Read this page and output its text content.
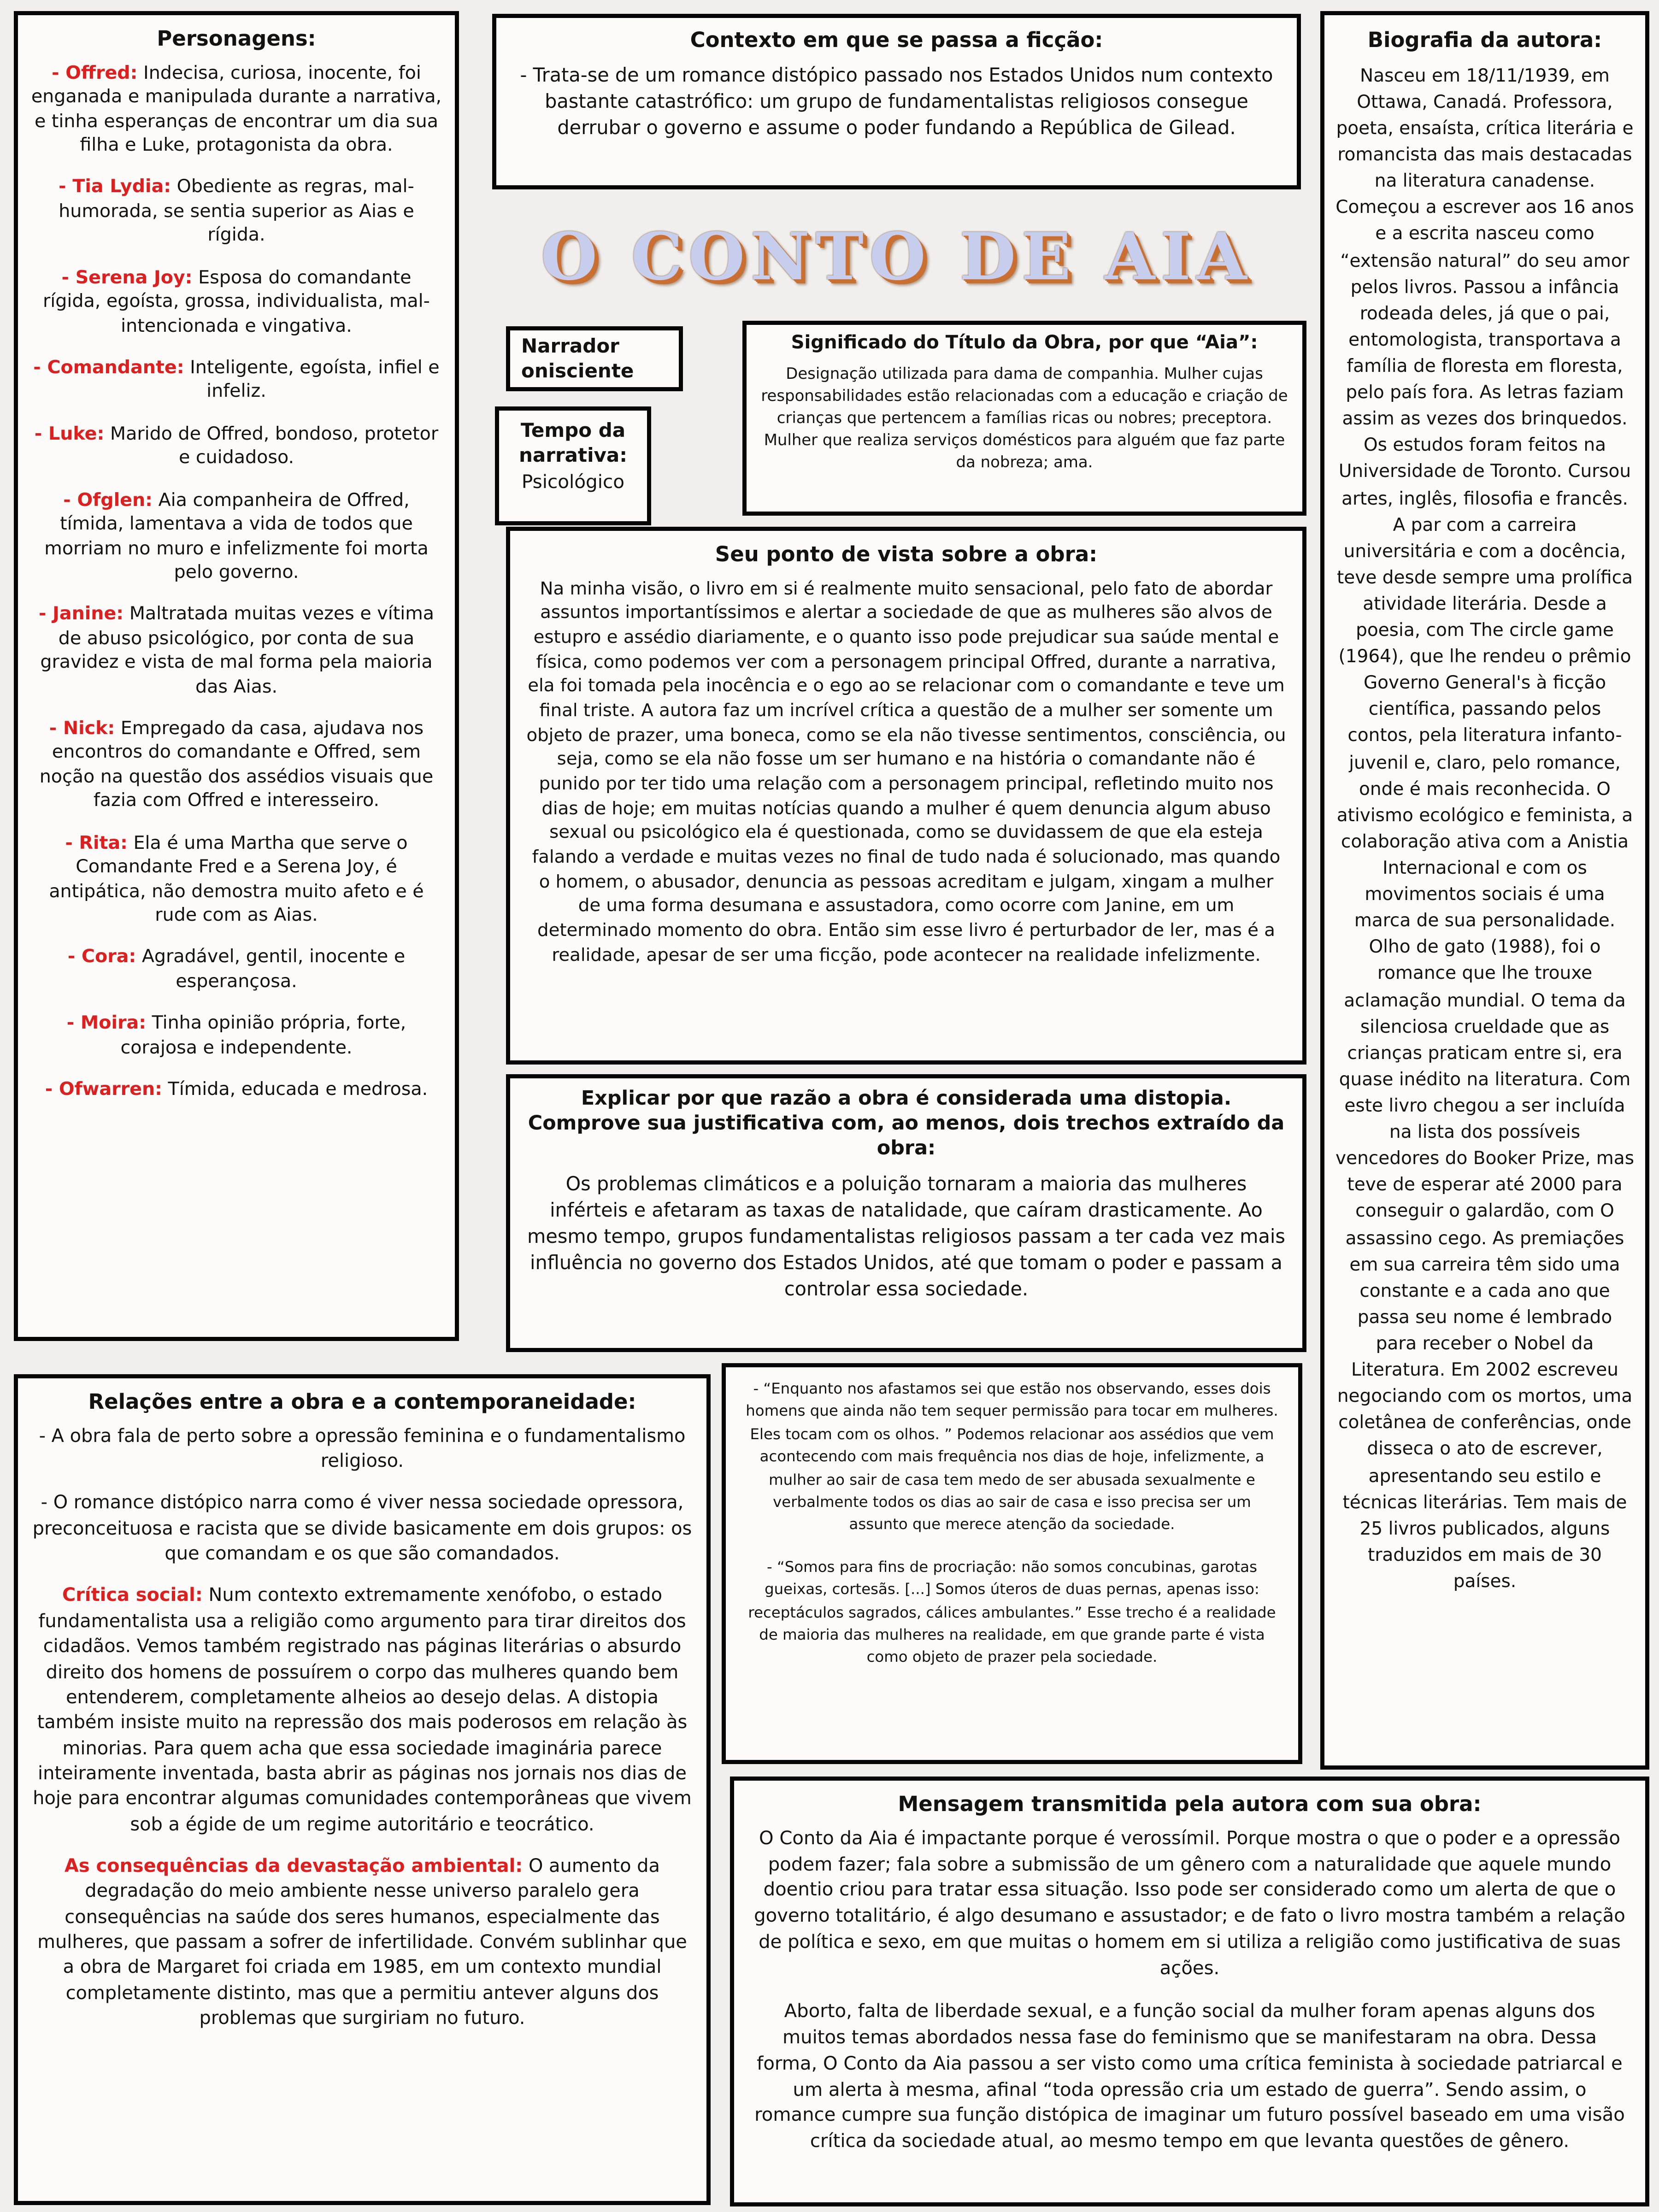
Personagens:

- Offred: Indecisa, curiosa, inocente, foi enganada e manipulada durante a narrativa, e tinha esperanças de encontrar um dia sua filha e Luke, protagonista da obra.

- Tia Lydia: Obediente as regras, mal-humorada, se sentia superior as Aias e rígida.

- Serena Joy: Esposa do comandante rígida, egoísta, grossa, individualista, mal-intencionada e vingativa.

- Comandante: Inteligente, egoísta, infiel e infeliz.

- Luke: Marido de Offred, bondoso, protetor e cuidadoso.

- Ofglen: Aia companheira de Offred, tímida, lamentava a vida de todos que morriam no muro e infelizmente foi morta pelo governo.

- Janine: Maltratada muitas vezes e vítima de abuso psicológico, por conta de sua gravidez e vista de mal forma pela maioria das Aias.

- Nick: Empregado da casa, ajudava nos encontros do comandante e Offred, sem noção na questão dos assédios visuais que fazia com Offred e interesseiro.

- Rita: Ela é uma Martha que serve o Comandante Fred e a Serena Joy, é antipática, não demostra muito afeto e é rude com as Aias.

- Cora: Agradável, gentil, inocente e esperançosa.

- Moira: Tinha opinião própria, forte, corajosa e independente.

- Ofwarren: Tímida, educada e medrosa.

Contexto em que se passa a ficção:
- Trata-se de um romance distópico passado nos Estados Unidos num contexto bastante catastrófico: um grupo de fundamentalistas religiosos consegue derrubar o governo e assume o poder fundando a República de Gilead.
O CONTO DE AIA
Narrador onisciente
Tempo da narrativa:
Psicológico
Significado do Título da Obra, por que “Aia”:
Designação utilizada para dama de companhia. Mulher cujas responsabilidades estão relacionadas com a educação e criação de crianças que pertencem a famílias ricas ou nobres; preceptora. Mulher que realiza serviços domésticos para alguém que faz parte da nobreza; ama.
Seu ponto de vista sobre a obra:
Na minha visão, o livro em si é realmente muito sensacional, pelo fato de abordar assuntos importantíssimos e alertar a sociedade de que as mulheres são alvos de estupro e assédio diariamente, e o quanto isso pode prejudicar sua saúde mental e física, como podemos ver com a personagem principal Offred, durante a narrativa, ela foi tomada pela inocência e o ego ao se relacionar com o comandante e teve um final triste. A autora faz um incrível crítica a questão de a mulher ser somente um objeto de prazer, uma boneca, como se ela não tivesse sentimentos, consciência, ou seja, como se ela não fosse um ser humano e na história o comandante não é punido por ter tido uma relação com a personagem principal, refletindo muito nos dias de hoje; em muitas notícias quando a mulher é quem denuncia algum abuso sexual ou psicológico ela é questionada, como se duvidassem de que ela esteja falando a verdade e muitas vezes no final de tudo nada é solucionado, mas quando o homem, o abusador, denuncia as pessoas acreditam e julgam, xingam a mulher de uma forma desumana e assustadora, como ocorre com Janine, em um determinado momento do obra. Então sim esse livro é perturbador de ler, mas é a realidade, apesar de ser uma ficção, pode acontecer na realidade infelizmente.
Explicar por que razão a obra é considerada uma distopia. Comprove sua justificativa com, ao menos, dois trechos extraído da obra:
Os problemas climáticos e a poluição tornaram a maioria das mulheres inférteis e afetaram as taxas de natalidade, que caíram drasticamente. Ao mesmo tempo, grupos fundamentalistas religiosos passam a ter cada vez mais influência no governo dos Estados Unidos, até que tomam o poder e passam a controlar essa sociedade.
Relações entre a obra e a contemporaneidade:

- A obra fala de perto sobre a opressão feminina e o fundamentalismo religioso.

- O romance distópico narra como é viver nessa sociedade opressora, preconceituosa e racista que se divide basicamente em dois grupos: os que comandam e os que são comandados.

Crítica social: Num contexto extremamente xenófobo, o estado fundamentalista usa a religião como argumento para tirar direitos dos cidadãos. Vemos também registrado nas páginas literárias o absurdo direito dos homens de possuírem o corpo das mulheres quando bem entenderem, completamente alheios ao desejo delas. A distopia também insiste muito na repressão dos mais poderosos em relação às minorias. Para quem acha que essa sociedade imaginária parece inteiramente inventada, basta abrir as páginas nos jornais nos dias de hoje para encontrar algumas comunidades contemporâneas que vivem sob a égide de um regime autoritário e teocrático.

As consequências da devastação ambiental: O aumento da degradação do meio ambiente nesse universo paralelo gera consequências na saúde dos seres humanos, especialmente das mulheres, que passam a sofrer de infertilidade. Convém sublinhar que a obra de Margaret foi criada em 1985, em um contexto mundial completamente distinto, mas que a permitiu antever alguns dos problemas que surgiriam no futuro.

- “Enquanto nos afastamos sei que estão nos observando, esses dois homens que ainda não tem sequer permissão para tocar em mulheres. Eles tocam com os olhos. ” Podemos relacionar aos assédios que vem acontecendo com mais frequência nos dias de hoje, infelizmente, a mulher ao sair de casa tem medo de ser abusada sexualmente e verbalmente todos os dias ao sair de casa e isso precisa ser um assunto que merece atenção da sociedade.

- “Somos para fins de procriação: não somos concubinas, garotas gueixas, cortesãs. [...] Somos úteros de duas pernas, apenas isso: receptáculos sagrados, cálices ambulantes.” Esse trecho é a realidade de maioria das mulheres na realidade, em que grande parte é vista como objeto de prazer pela sociedade.

Biografia da autora:
Nasceu em 18/11/1939, em Ottawa, Canadá. Professora, poeta, ensaísta, crítica literária e romancista das mais destacadas na literatura canadense. Começou a escrever aos 16 anos e a escrita nasceu como “extensão natural” do seu amor pelos livros. Passou a infância rodeada deles, já que o pai, entomologista, transportava a família de floresta em floresta, pelo país fora. As letras faziam assim as vezes dos brinquedos. Os estudos foram feitos na Universidade de Toronto. Cursou artes, inglês, filosofia e francês. A par com a carreira universitária e com a docência, teve desde sempre uma prolífica atividade literária. Desde a poesia, com The circle game (1964), que lhe rendeu o prêmio Governo General's à ficção científica, passando pelos contos, pela literatura infanto-juvenil e, claro, pelo romance, onde é mais reconhecida. O ativismo ecológico e feminista, a colaboração ativa com a Anistia Internacional e com os movimentos sociais é uma marca de sua personalidade. Olho de gato (1988), foi o romance que lhe trouxe aclamação mundial. O tema da silenciosa crueldade que as crianças praticam entre si, era quase inédito na literatura. Com este livro chegou a ser incluída na lista dos possíveis vencedores do Booker Prize, mas teve de esperar até 2000 para conseguir o galardão, com O assassino cego. As premiações em sua carreira têm sido uma constante e a cada ano que passa seu nome é lembrado para receber o Nobel da Literatura. Em 2002 escreveu negociando com os mortos, uma coletânea de conferências, onde disseca o ato de escrever, apresentando seu estilo e técnicas literárias. Tem mais de 25 livros publicados, alguns traduzidos em mais de 30 países.
Mensagem transmitida pela autora com sua obra:

O Conto da Aia é impactante porque é verossímil. Porque mostra o que o poder e a opressão podem fazer; fala sobre a submissão de um gênero com a naturalidade que aquele mundo doentio criou para tratar essa situação. Isso pode ser considerado como um alerta de que o governo totalitário, é algo desumano e assustador; e de fato o livro mostra também a relação de política e sexo, em que muitas o homem em si utiliza a religião como justificativa de suas ações.

Aborto, falta de liberdade sexual, e a função social da mulher foram apenas alguns dos muitos temas abordados nessa fase do feminismo que se manifestaram na obra. Dessa forma, O Conto da Aia passou a ser visto como uma crítica feminista à sociedade patriarcal e um alerta à mesma, afinal “toda opressão cria um estado de guerra”. Sendo assim, o romance cumpre sua função distópica de imaginar um futuro possível baseado em uma visão crítica da sociedade atual, ao mesmo tempo em que levanta questões de gênero.
